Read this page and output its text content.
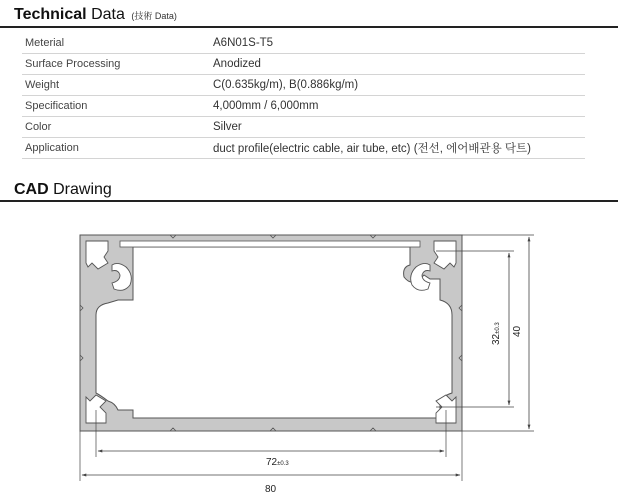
Technical Data (技術 Data)
Meterial	A6N01S-T5
Surface Processing	Anodized
Weight	C(0.635kg/m), B(0.886kg/m)
Specification	4,000mm / 6,000mm
Color	Silver
Application	duct profile(electric cable, air tube, etc) (전선, 에어배관용 닥트)
CAD Drawing
72±0.3
80
40
32±0.3
